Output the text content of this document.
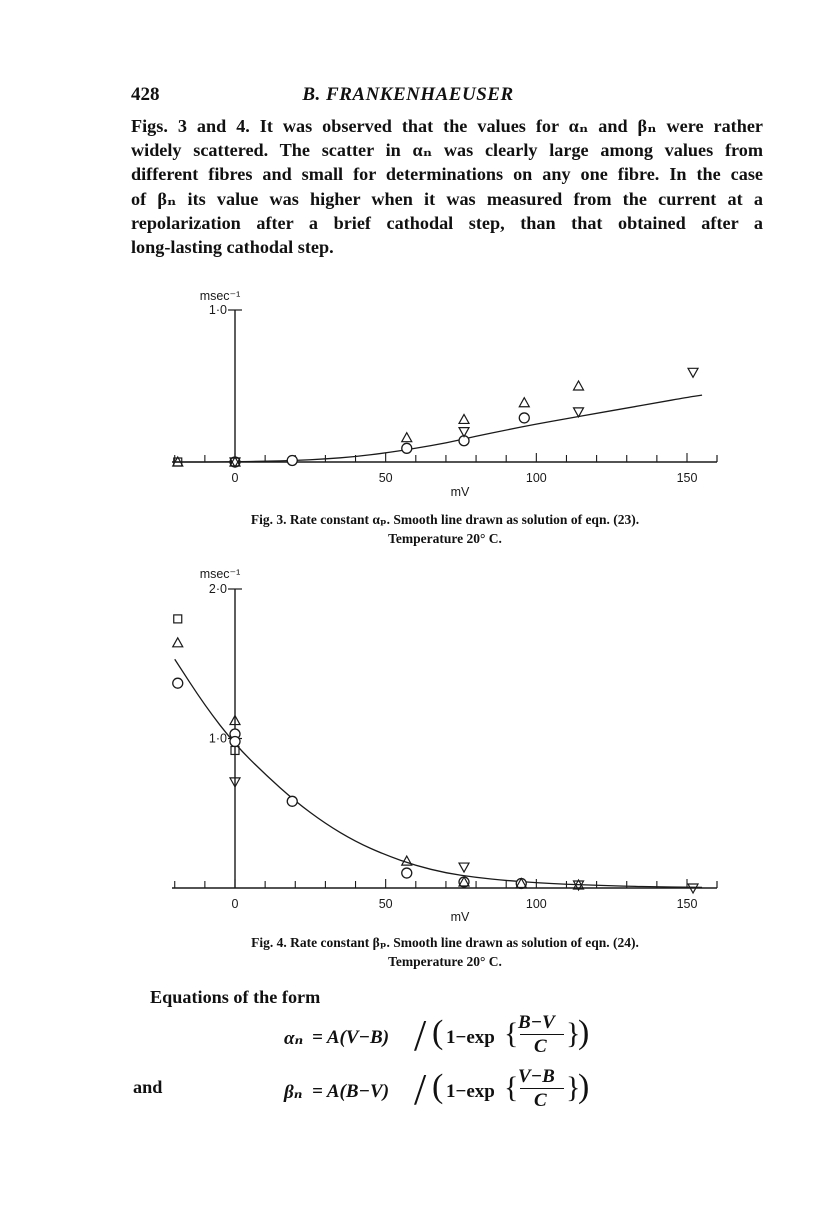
428	B. FRANKENHAEUSER
Figs. 3 and 4. It was observed that the values for αₙ and βₙ were rather
widely scattered. The scatter in αₙ was clearly large among values from
different fibres and small for determinations on any one fibre. In the case
of βₙ its value was higher when it was measured from the current at a
repolarization after a brief cathodal step, than that obtained after a
long-lasting cathodal step.
0	50	100	150
mV
msec⁻¹
1·0
0	50	100	150
mV
msec⁻¹
1·0
2·0
Fig. 3. Rate constant αₚ. Smooth line drawn as solution of eqn. (23).
Temperature 20° C.
Fig. 4. Rate constant βₚ. Smooth line drawn as solution of eqn. (24).
Temperature 20° C.
Equations of the form
and
αₙ = A(V−B) / ( 1−exp { B−V
C }
)
βₙ = A(B−V) / ( 1−exp { V−B
C }
)
